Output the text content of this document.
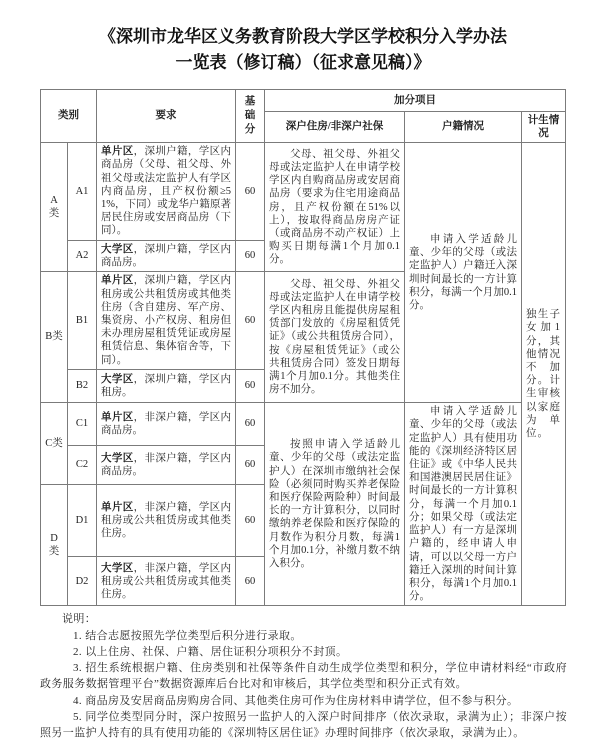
《深圳市龙华区义务教育阶段大学区学校积分入学办法一览表（修订稿）（征求意见稿）》
类别		要求	基础分	加分项目		
				深户住房/非深户社保	户籍情况	计生情况
A类	A1	单片区，深圳户籍，学区内商品房（父母、祖父母、外祖父母或法定监护人有学区内商品房，且产权份额≥51%，下同）或龙华户籍原著居民住房或安居商品房（下同）。	60	父母、祖父母、外祖父母或法定监护人在申请学校学区内自购商品房或安居商品房（要求为住宅用途商品房，且产权份额在51%以上），按取得商品房房产证（或商品房不动产权证）上购买日期每满1个月加0.1分。	申请入学适龄儿童、少年的父母（或法定监护人）户籍迁入深圳时间最长的一方计算积分，每满一个月加0.1分。	独生子女加1分，其他情况不加分。计生审核以家庭为单位。
	A2	大学区，深圳户籍，学区内商品房。	60			
B类	B1	单片区，深圳户籍，学区内租房或公共租赁房或其他类住房（含自建房、军产房、集资房、小产权房、租房但未办理房屋租赁凭证或房屋租赁信息、集体宿舍等，下同）。	60	父母、祖父母、外祖父母或法定监护人在申请学校学区内租房且能提供房屋租赁部门发放的《房屋租赁凭证》（或公共租赁房合同），按《房屋租赁凭证》（或公共租赁房合同）签发日期每满1个月加0.1分。其他类住房不加分。		
	B2	大学区，深圳户籍，学区内租房。	60			
C类	C1	单片区，非深户籍，学区内商品房。	60	按照申请入学适龄儿童、少年的父母（或法定监护人）在深圳市缴纳社会保险（必须同时购买养老保险和医疗保险两险种）时间最长的一方计算积分，以同时缴纳养老保险和医疗保险的月数作为积分月数，每满1个月加0.1分，补缴月数不纳入积分。	申请入学适龄儿童、少年的父母（或法定监护人）具有使用功能的《深圳经济特区居住证》或《中华人民共和国港澳居民居住证》时间最长的一方计算积分，每满一个月加0.1分；如果父母（或法定监护人）有一方是深圳户籍的，经申请人申请，可以以父母一方户籍迁入深圳的时间计算积分，每满1个月加0.1分。	
	C2	大学区，非深户籍，学区内商品房。	60			
D类	D1	单片区，非深户籍，学区内租房或公共租赁房或其他类住房。	60			
	D2	大学区，非深户籍，学区内租房或公共租赁房或其他类住房。	60			

说明：

1. 结合志愿按照先学位类型后积分进行录取。

2. 以上住房、社保、户籍、居住证积分项积分不封顶。

3. 招生系统根据户籍、住房类别和社保等条件自动生成学位类型和积分，学位申请材料经“市政府政务服务数据管理平台”数据资源库后台比对和审核后，其学位类型和积分正式有效。

4. 商品房及安居商品房购房合同、其他类住房可作为住房材料申请学位，但不参与积分。

5. 同学位类型同分时，深户按照另一监护人的入深户时间排序（依次录取，录满为止）；非深户按照另一监护人持有的具有使用功能的《深圳特区居住证》办理时间排序（依次录取，录满为止）。
